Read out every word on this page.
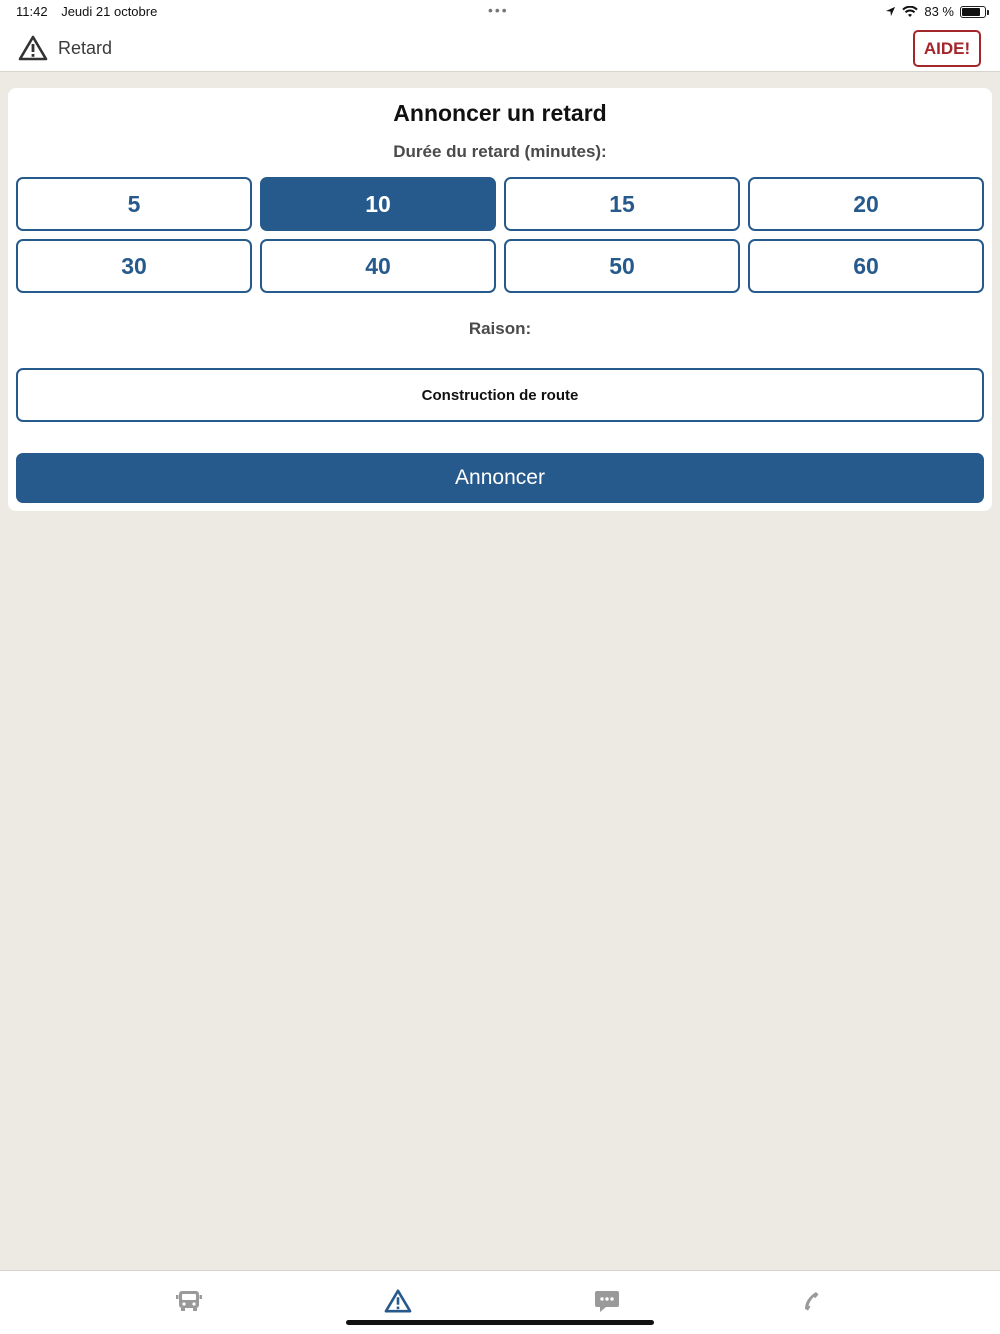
11:42 Jeudi 21 octobre	•••	83 %
Retard	AIDE!
Annoncer un retard
Durée du retard (minutes):
5	10	15	20
30	40	50	60
Raison:
Construction de route
Annoncer
